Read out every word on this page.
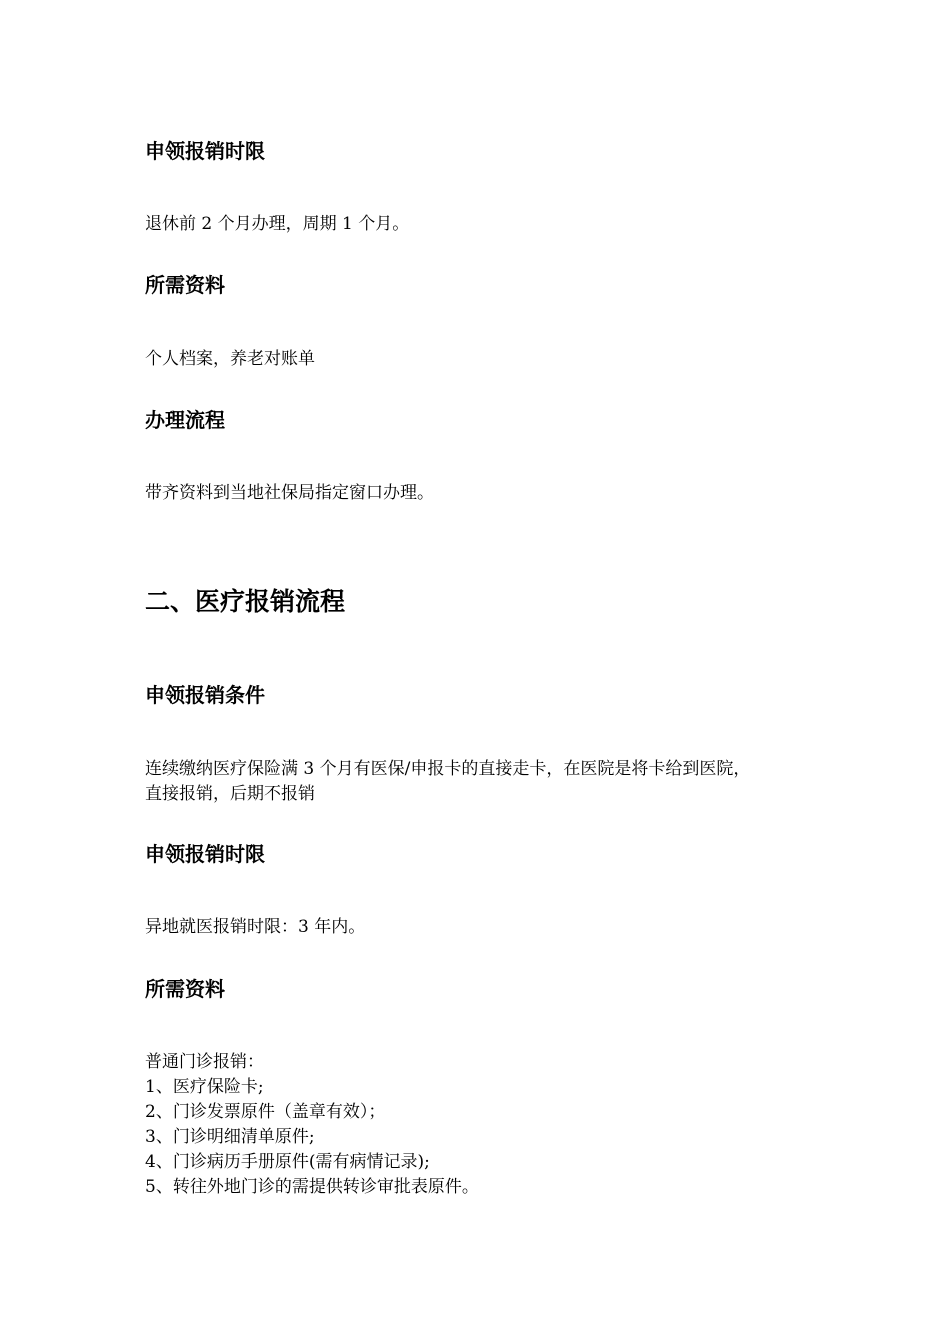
申领报销时限

退休前 2 个月办理，周期 1 个月。

所需资料

个人档案，养老对账单

办理流程

带齐资料到当地社保局指定窗口办理。

二、医疗报销流程
申领报销条件

连续缴纳医疗保险满 3 个月有医保/申报卡的直接走卡，在医院是将卡给到医院，
直接报销，后期不报销

申领报销时限

异地就医报销时限：3 年内。

所需资料
普通门诊报销：
1、医疗保险卡;
2、门诊发票原件（盖章有效）；
3、门诊明细清单原件;
4、门诊病历手册原件(需有病情记录);
5、转往外地门诊的需提供转诊审批表原件。
